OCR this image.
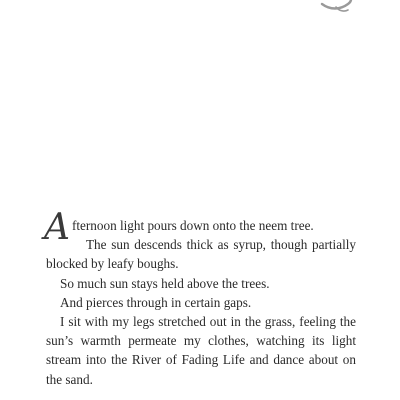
Afternoon light pours down onto the neem tree.

The sun descends thick as syrup, though partially blocked by leafy boughs.

So much sun stays held above the trees.

And pierces through in certain gaps.

I sit with my legs stretched out in the grass, feeling the sun’s warmth permeate my clothes, watching its light stream into the River of Fading Life and dance about on the sand.
